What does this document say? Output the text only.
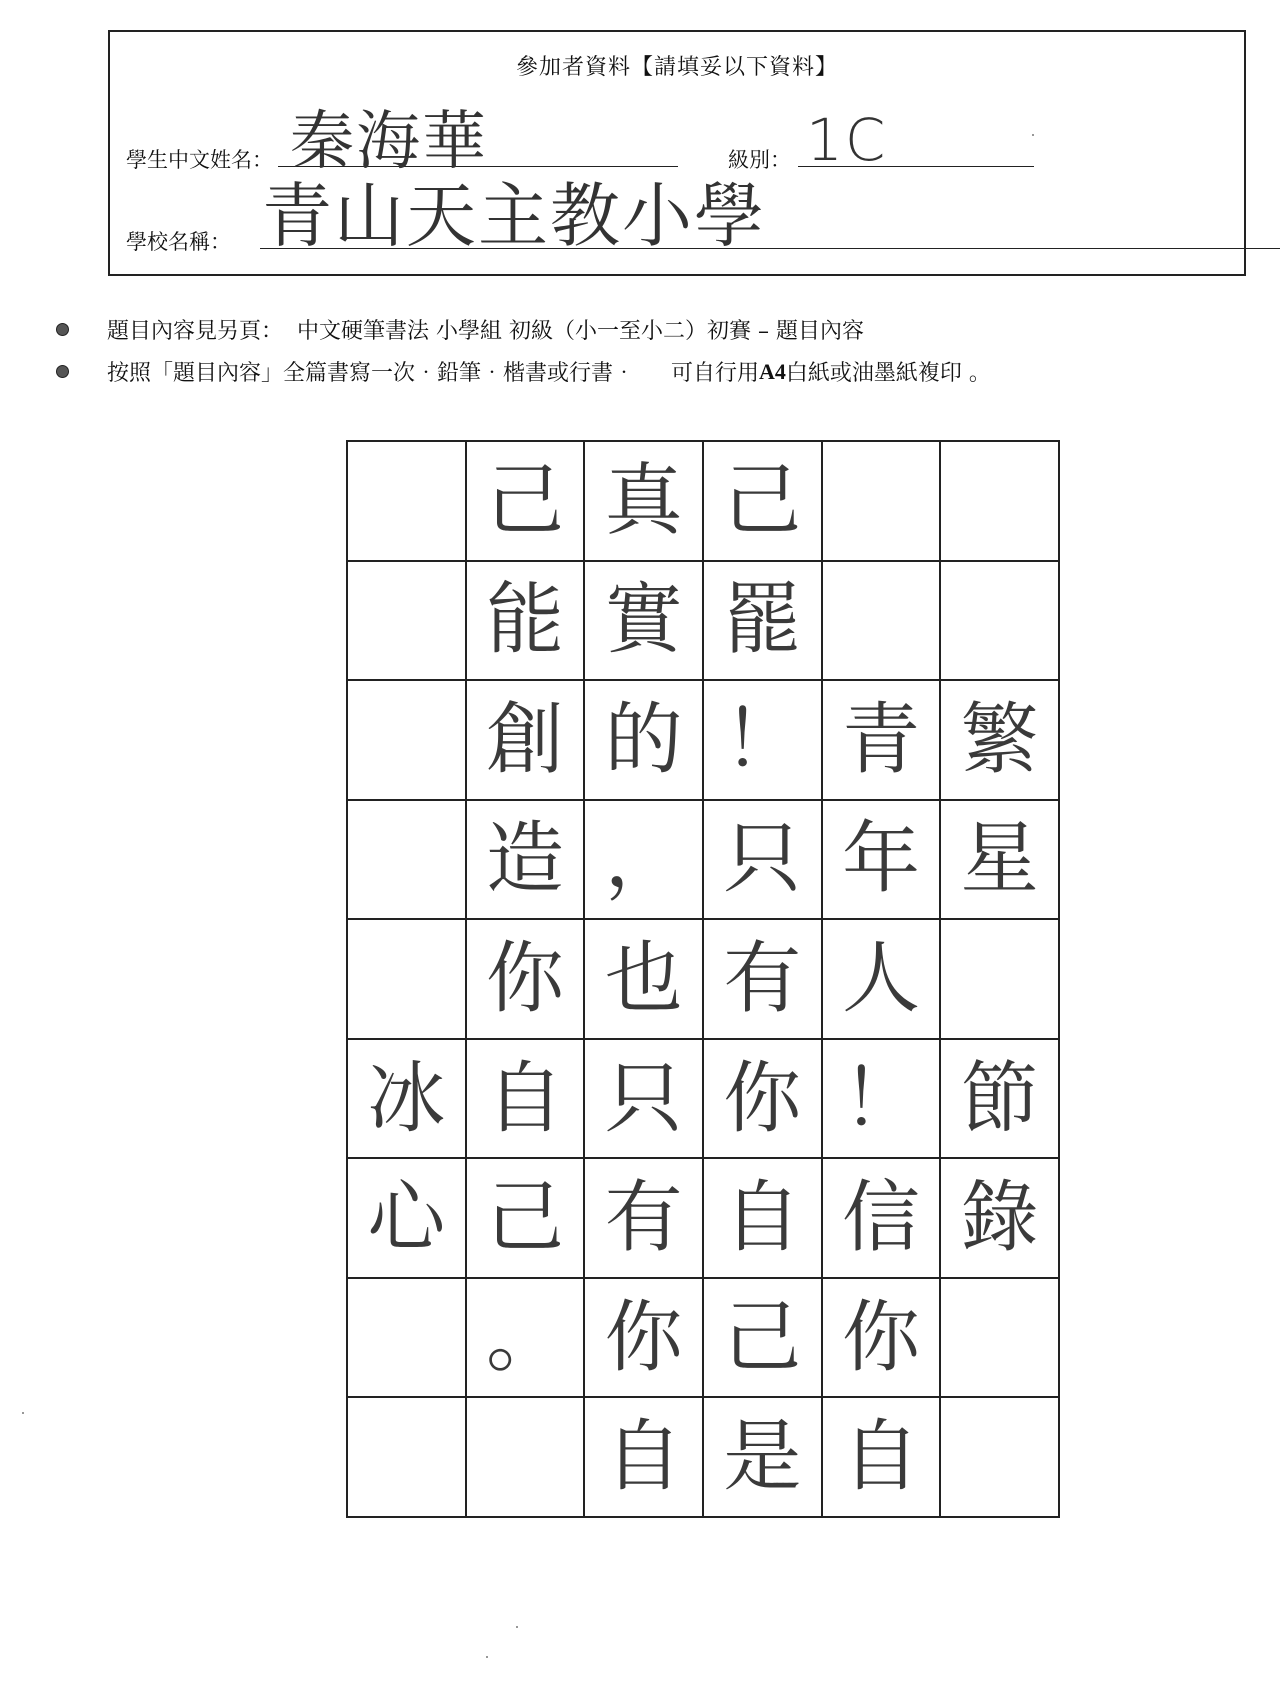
參加者資料【請填妥以下資料】
學生中文姓名： 秦海華	級別： 1C
學校名稱： 青山天主教小學
題目內容見另頁： 中文硬筆書法 小學組 初級（小一至小二）初賽 – 題目內容
按照「題目內容」全篇書寫一次‧鉛筆‧楷書或行書‧ 可自行用 A4 白紙或油墨紙複印 。
	己	真	己		
	能	實	罷		
	創	的	！	青	繁
	造	，	只	年	星
	你	也	有	人	
冰	自	只	你	！	節
心	己	有	自	信	錄
	。	你	己	你	
		自	是	自	
